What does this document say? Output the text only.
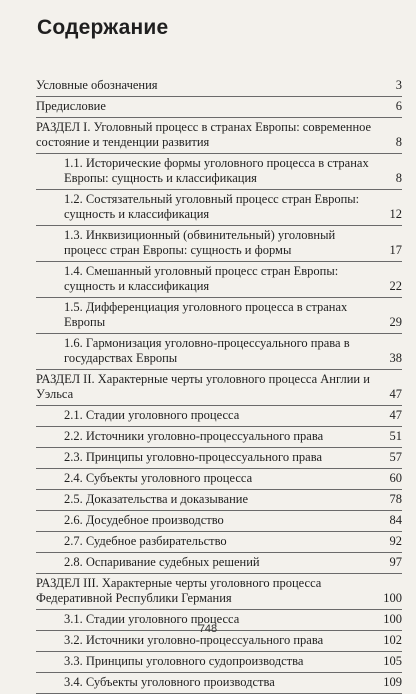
Содержание
Условные обозначения	3
Предисловие	6
РАЗДЕЛ I. Уголовный процесс в странах Европы: современное состояние и тенденции развития	8
1.1. Исторические формы уголовного процесса в странах Европы: сущность и классификация	8
1.2. Состязательный уголовный процесс стран Европы: сущность и классификация	12
1.3. Инквизиционный (обвинительный) уголовный процесс стран Европы: сущность и формы	17
1.4. Смешанный уголовный процесс стран Европы: сущность и классификация	22
1.5. Дифференциация уголовного процесса в странах Европы	29
1.6. Гармонизация уголовно-процессуального права в государствах Европы	38
РАЗДЕЛ II. Характерные черты уголовного процесса Англии и Уэльса	47
2.1. Стадии уголовного процесса	47
2.2. Источники уголовно-процессуального права	51
2.3. Принципы уголовно-процессуального права	57
2.4. Субъекты уголовного процесса	60
2.5. Доказательства и доказывание	78
2.6. Досудебное производство	84
2.7. Судебное разбирательство	92
2.8. Оспаривание судебных решений	97
РАЗДЕЛ III. Характерные черты уголовного процесса Федеративной Республики Германия	100
3.1. Стадии уголовного процесса	100
3.2. Источники уголовно-процессуального права	102
3.3. Принципы уголовного судопроизводства	105
3.4. Субъекты уголовного производства	109
748
